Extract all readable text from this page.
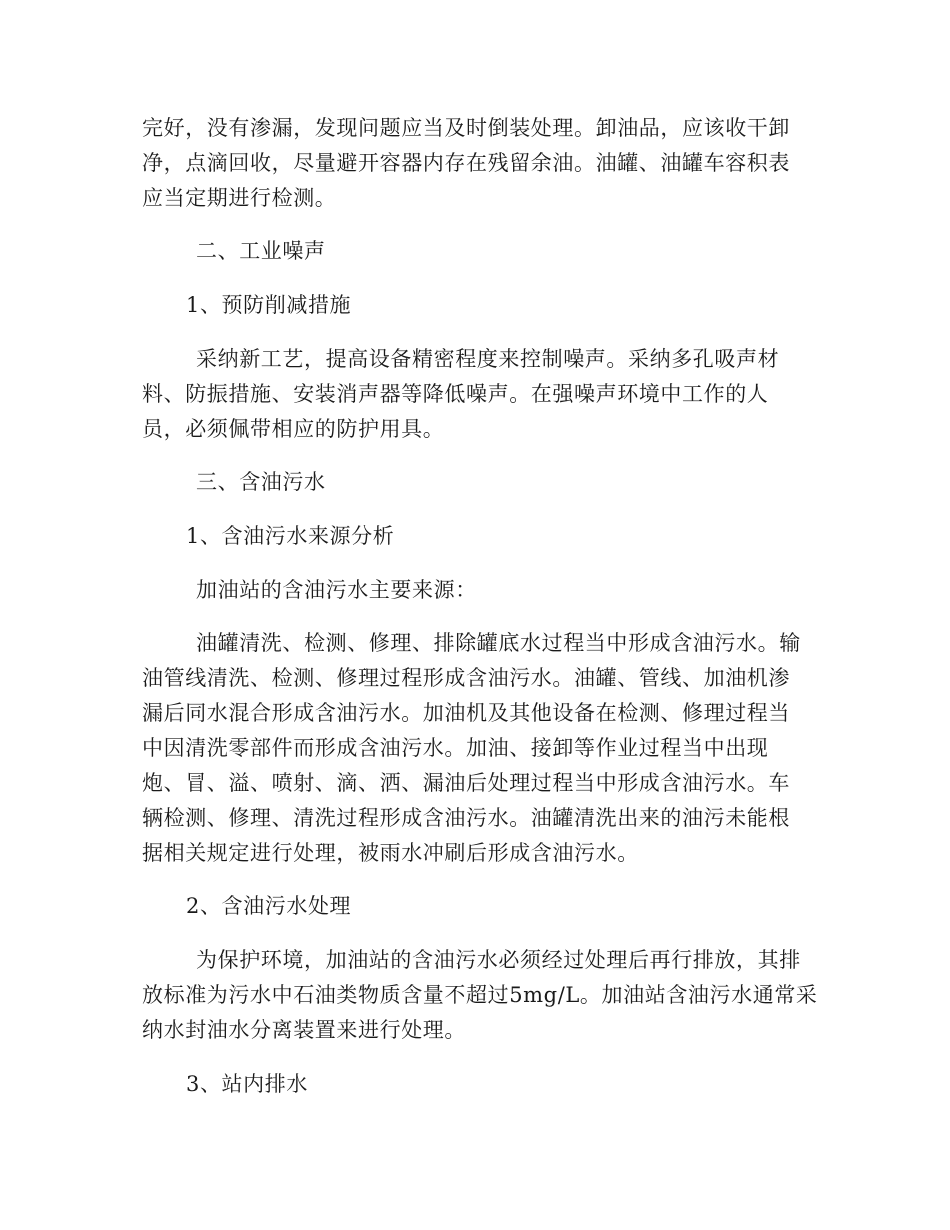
完好，没有渗漏，发现问题应当及时倒装处理。卸油品，应该收干卸
净，点滴回收，尽量避开容器内存在残留余油。油罐、油罐车容积表
应当定期进行检测。
二、工业噪声
1、预防削减措施
采纳新工艺，提高设备精密程度来控制噪声。采纳多孔吸声材
料、防振措施、安装消声器等降低噪声。在强噪声环境中工作的人
员，必须佩带相应的防护用具。
三、含油污水
1、含油污水来源分析
加油站的含油污水主要来源：
油罐清洗、检测、修理、排除罐底水过程当中形成含油污水。输
油管线清洗、检测、修理过程形成含油污水。油罐、管线、加油机渗
漏后同水混合形成含油污水。加油机及其他设备在检测、修理过程当
中因清洗零部件而形成含油污水。加油、接卸等作业过程当中出现
炮、冒、溢、喷射、滴、洒、漏油后处理过程当中形成含油污水。车
辆检测、修理、清洗过程形成含油污水。油罐清洗出来的油污未能根
据相关规定进行处理，被雨水冲刷后形成含油污水。
2、含油污水处理
为保护环境，加油站的含油污水必须经过处理后再行排放，其排
放标准为污水中石油类物质含量不超过5mg/L。加油站含油污水通常采
纳水封油水分离装置来进行处理。
3、站内排水
